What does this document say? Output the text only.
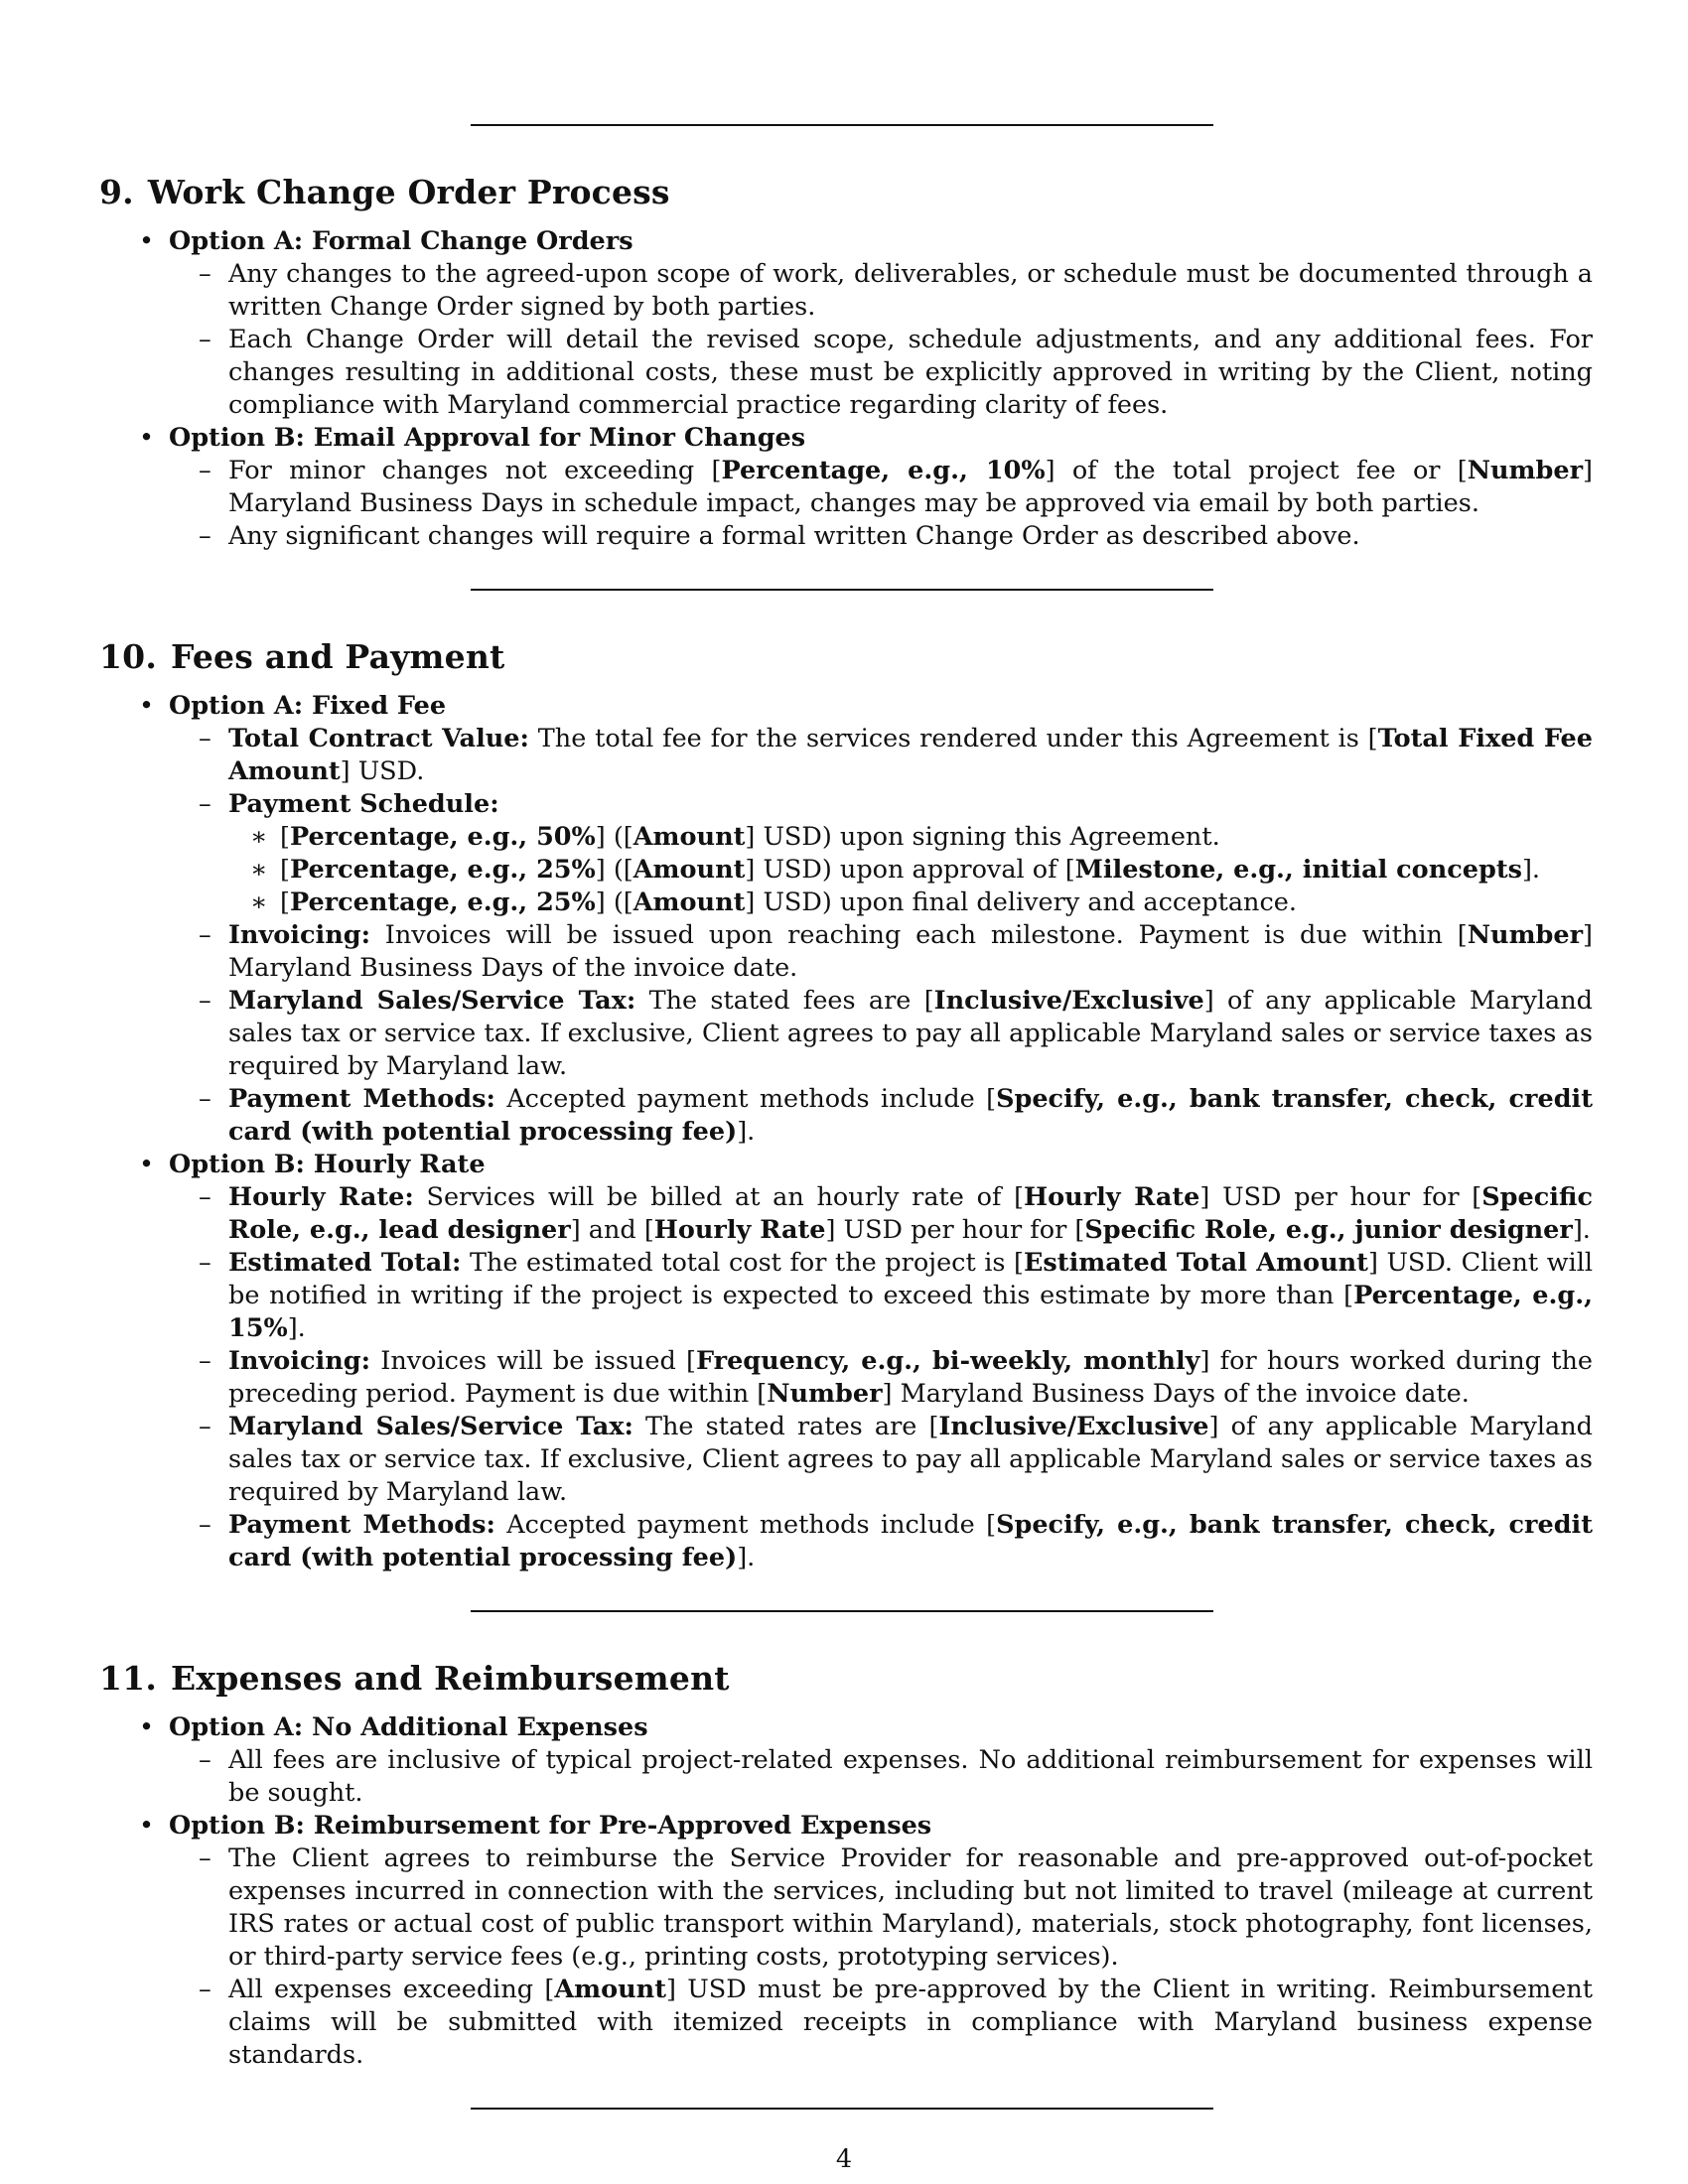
9. Work Change Order Process
• Option A: Formal Change Orders
– Any changes to the agreed-upon scope of work, deliverables, or schedule must be documented through a written Change Order signed by both parties.
– Each Change Order will detail the revised scope, schedule adjustments, and any additional fees. For changes resulting in additional costs, these must be explicitly approved in writing by the Client, noting compliance with Maryland commercial practice regarding clarity of fees.
• Option B: Email Approval for Minor Changes
– For minor changes not exceeding [Percentage, e.g., 10%] of the total project fee or [Number] Maryland Business Days in schedule impact, changes may be approved via email by both parties.
– Any significant changes will require a formal written Change Order as described above.
10. Fees and Payment
• Option A: Fixed Fee
– Total Contract Value: The total fee for the services rendered under this Agreement is [Total Fixed Fee Amount] USD.
– Payment Schedule:
∗ [Percentage, e.g., 50%] ([Amount] USD) upon signing this Agreement.
∗ [Percentage, e.g., 25%] ([Amount] USD) upon approval of [Milestone, e.g., initial concepts].
∗ [Percentage, e.g., 25%] ([Amount] USD) upon final delivery and acceptance.
– Invoicing: Invoices will be issued upon reaching each milestone. Payment is due within [Number] Maryland Business Days of the invoice date.
– Maryland Sales/Service Tax: The stated fees are [Inclusive/Exclusive] of any applicable Maryland sales tax or service tax. If exclusive, Client agrees to pay all applicable Maryland sales or service taxes as required by Maryland law.
– Payment Methods: Accepted payment methods include [Specify, e.g., bank transfer, check, credit card (with potential processing fee)].
• Option B: Hourly Rate
– Hourly Rate: Services will be billed at an hourly rate of [Hourly Rate] USD per hour for [Specific Role, e.g., lead designer] and [Hourly Rate] USD per hour for [Specific Role, e.g., junior designer].
– Estimated Total: The estimated total cost for the project is [Estimated Total Amount] USD. Client will be notified in writing if the project is expected to exceed this estimate by more than [Percentage, e.g., 15%].
– Invoicing: Invoices will be issued [Frequency, e.g., bi-weekly, monthly] for hours worked during the preceding period. Payment is due within [Number] Maryland Business Days of the invoice date.
– Maryland Sales/Service Tax: The stated rates are [Inclusive/Exclusive] of any applicable Maryland sales tax or service tax. If exclusive, Client agrees to pay all applicable Maryland sales or service taxes as required by Maryland law.
– Payment Methods: Accepted payment methods include [Specify, e.g., bank transfer, check, credit card (with potential processing fee)].
11. Expenses and Reimbursement
• Option A: No Additional Expenses
– All fees are inclusive of typical project-related expenses. No additional reimbursement for expenses will be sought.
• Option B: Reimbursement for Pre-Approved Expenses
– The Client agrees to reimburse the Service Provider for reasonable and pre-approved out-of-pocket expenses incurred in connection with the services, including but not limited to travel (mileage at current IRS rates or actual cost of public transport within Maryland), materials, stock photography, font licenses, or third-party service fees (e.g., printing costs, prototyping services).
– All expenses exceeding [Amount] USD must be pre-approved by the Client in writing. Reimbursement claims will be submitted with itemized receipts in compliance with Maryland business expense standards.
4
